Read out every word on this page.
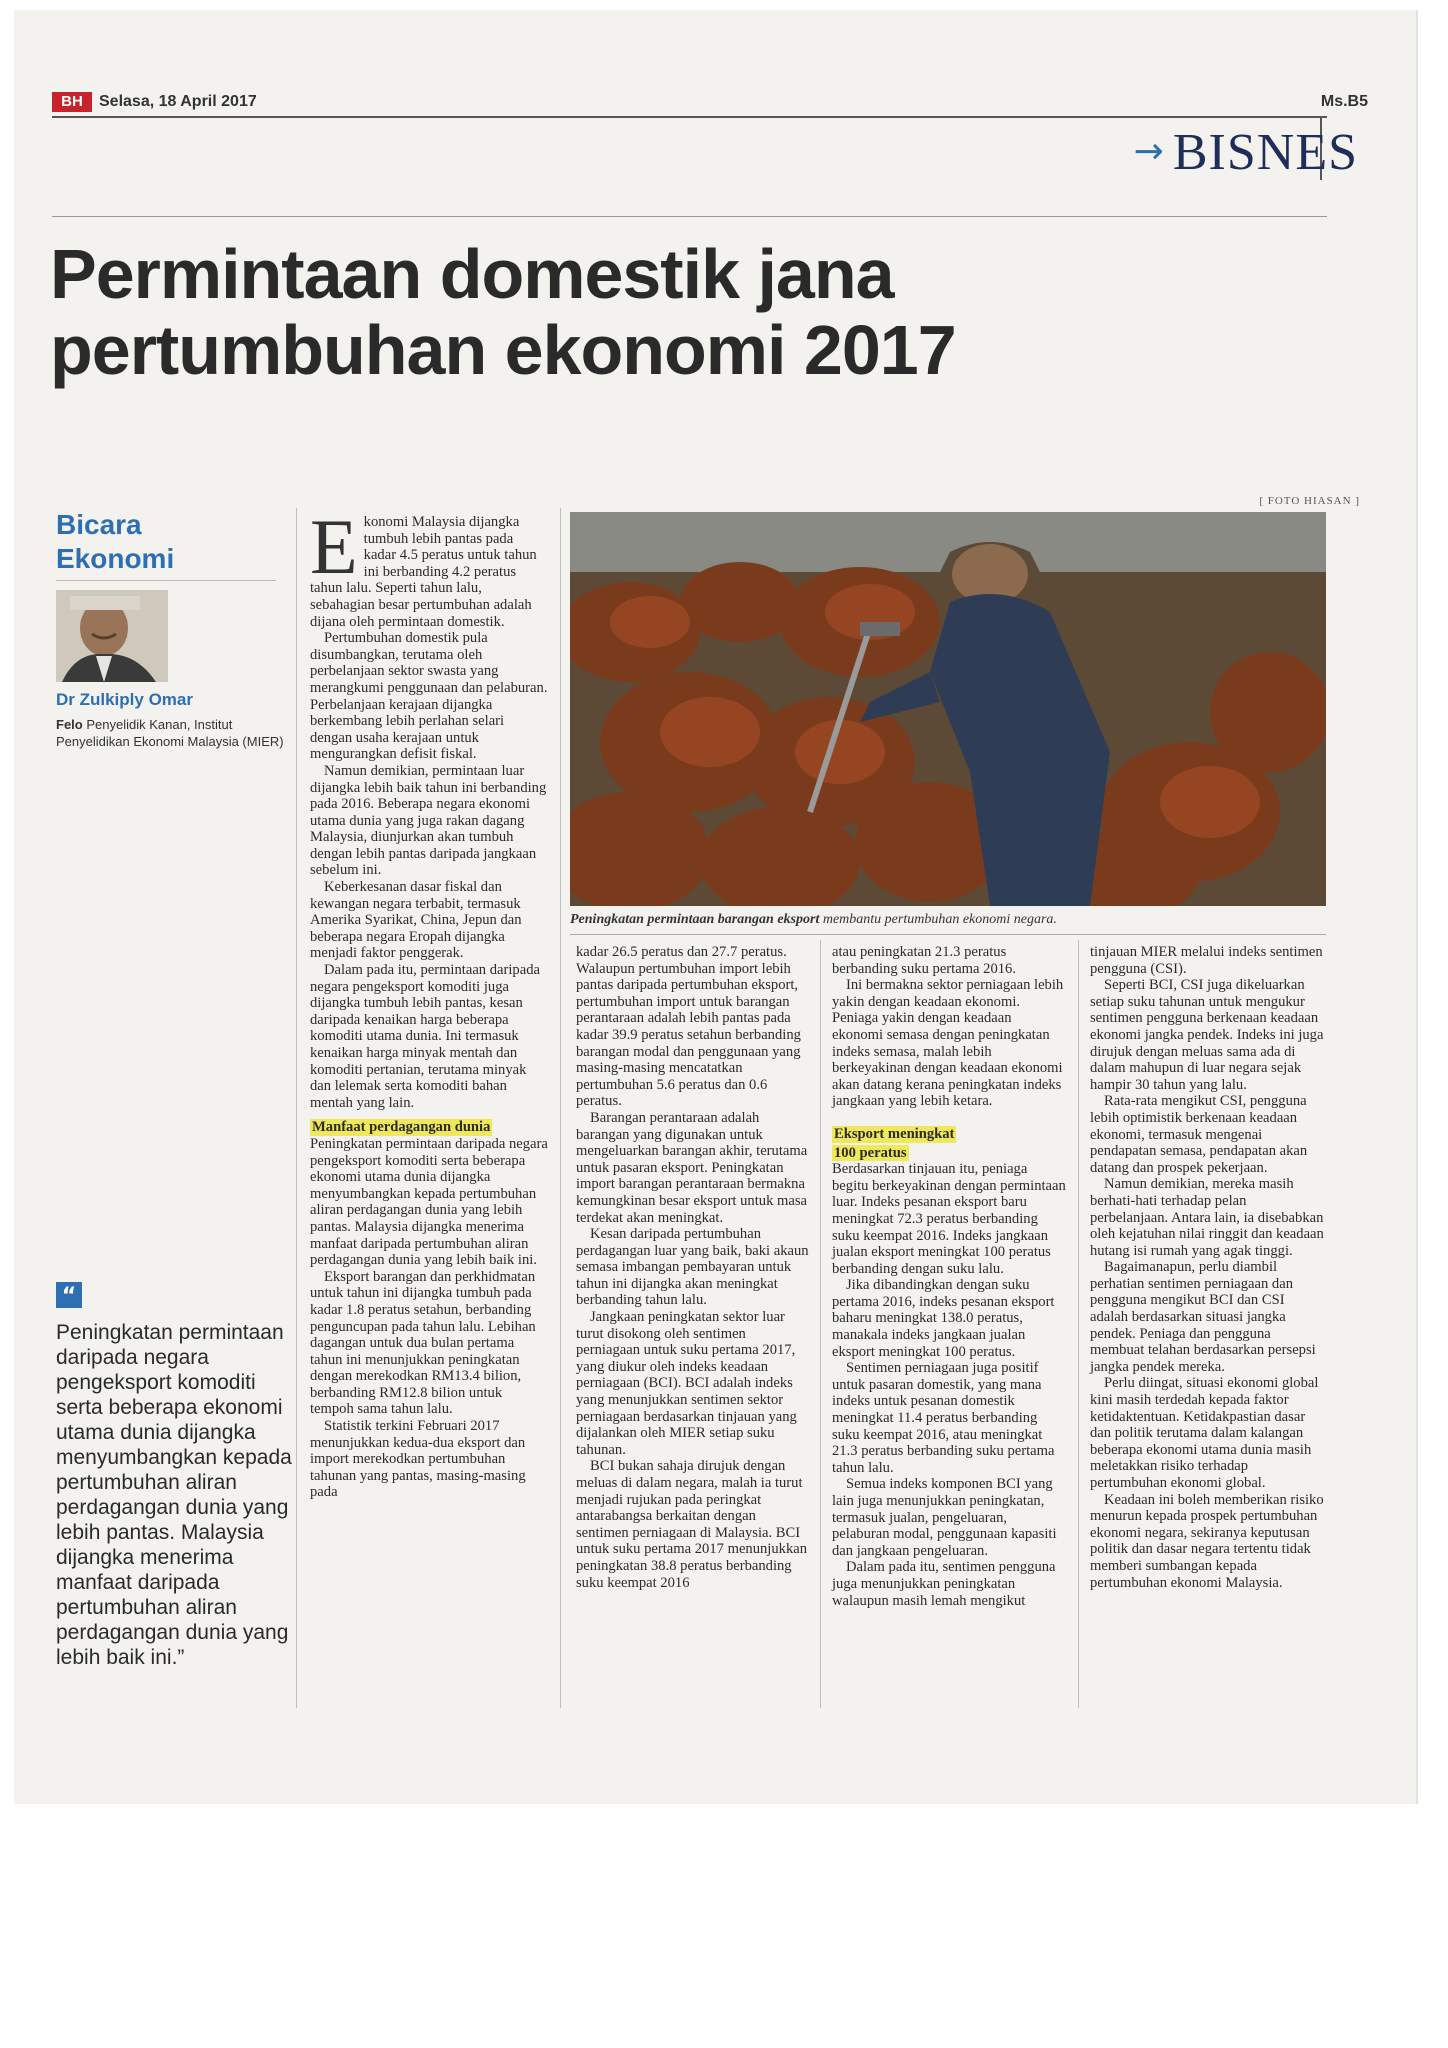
BH	Selasa, 18 April 2017	Ms.B5
→ BISNES
Permintaan domestik jana
pertumbuhan ekonomi 2017
Bicara
Ekonomi
Dr Zulkiply Omar
Felo Penyelidik Kanan, Institut Penyelidikan Ekonomi Malaysia (MIER)
“
Peningkatan permintaan daripada negara pengeksport komoditi serta beberapa ekonomi utama dunia dijangka menyumbangkan kepada pertumbuhan aliran perdagangan dunia yang lebih pantas. Malaysia dijangka menerima manfaat daripada pertumbuhan aliran perdagangan dunia yang lebih baik ini.”
[ FOTO HIASAN ]
Peningkatan permintaan barangan eksport membantu pertumbuhan ekonomi negara.

Ekonomi Malaysia dijangka tumbuh lebih pantas pada kadar 4.5 peratus untuk tahun ini berbanding 4.2 peratus tahun lalu. Seperti tahun lalu, sebahagian besar pertumbuhan adalah dijana oleh permintaan domestik.

Pertumbuhan domestik pula disumbangkan, terutama oleh perbelanjaan sektor swasta yang merangkumi penggunaan dan pelaburan. Perbelanjaan kerajaan dijangka berkembang lebih perlahan selari dengan usaha kerajaan untuk mengurangkan defisit fiskal.

Namun demikian, permintaan luar dijangka lebih baik tahun ini berbanding pada 2016. Beberapa negara ekonomi utama dunia yang juga rakan dagang Malaysia, diunjurkan akan tumbuh dengan lebih pantas daripada jangkaan sebelum ini.

Keberkesanan dasar fiskal dan kewangan negara terbabit, termasuk Amerika Syarikat, China, Jepun dan beberapa negara Eropah dijangka menjadi faktor penggerak.

Dalam pada itu, permintaan daripada negara pengeksport komoditi juga dijangka tumbuh lebih pantas, kesan daripada kenaikan harga beberapa komoditi utama dunia. Ini termasuk kenaikan harga minyak mentah dan komoditi pertanian, terutama minyak dan lelemak serta komoditi bahan mentah yang lain.

Manfaat perdagangan dunia

Peningkatan permintaan daripada negara pengeksport komoditi serta beberapa ekonomi utama dunia dijangka menyumbangkan kepada pertumbuhan aliran perdagangan dunia yang lebih pantas. Malaysia dijangka menerima manfaat daripada pertumbuhan aliran perdagangan dunia yang lebih baik ini.

Eksport barangan dan perkhidmatan untuk tahun ini dijangka tumbuh pada kadar 1.8 peratus setahun, berbanding penguncupan pada tahun lalu. Lebihan dagangan untuk dua bulan pertama tahun ini menunjukkan peningkatan dengan merekodkan RM13.4 bilion, berbanding RM12.8 bilion untuk tempoh sama tahun lalu.

Statistik terkini Februari 2017 menunjukkan kedua-dua eksport dan import merekodkan pertumbuhan tahunan yang pantas, masing-masing pada

kadar 26.5 peratus dan 27.7 peratus. Walaupun pertumbuhan import lebih pantas daripada pertumbuhan eksport, pertumbuhan import untuk barangan perantaraan adalah lebih pantas pada kadar 39.9 peratus setahun berbanding barangan modal dan penggunaan yang masing-masing mencatatkan pertumbuhan 5.6 peratus dan 0.6 peratus.

Barangan perantaraan adalah barangan yang digunakan untuk mengeluarkan barangan akhir, terutama untuk pasaran eksport. Peningkatan import barangan perantaraan bermakna kemungkinan besar eksport untuk masa terdekat akan meningkat.

Kesan daripada pertumbuhan perdagangan luar yang baik, baki akaun semasa imbangan pembayaran untuk tahun ini dijangka akan meningkat berbanding tahun lalu.

Jangkaan peningkatan sektor luar turut disokong oleh sentimen perniagaan untuk suku pertama 2017, yang diukur oleh indeks keadaan perniagaan (BCI). BCI adalah indeks yang menunjukkan sentimen sektor perniagaan berdasarkan tinjauan yang dijalankan oleh MIER setiap suku tahunan.

BCI bukan sahaja dirujuk dengan meluas di dalam negara, malah ia turut menjadi rujukan pada peringkat antarabangsa berkaitan dengan sentimen perniagaan di Malaysia. BCI untuk suku pertama 2017 menunjukkan peningkatan 38.8 peratus berbanding suku keempat 2016

atau peningkatan 21.3 peratus berbanding suku pertama 2016.

Ini bermakna sektor perniagaan lebih yakin dengan keadaan ekonomi. Peniaga yakin dengan keadaan ekonomi semasa dengan peningkatan indeks semasa, malah lebih berkeyakinan dengan keadaan ekonomi akan datang kerana peningkatan indeks jangkaan yang lebih ketara.

Eksport meningkat
100 peratus

Berdasarkan tinjauan itu, peniaga begitu berkeyakinan dengan permintaan luar. Indeks pesanan eksport baru meningkat 72.3 peratus berbanding suku keempat 2016. Indeks jangkaan jualan eksport meningkat 100 peratus berbanding dengan suku lalu.

Jika dibandingkan dengan suku pertama 2016, indeks pesanan eksport baharu meningkat 138.0 peratus, manakala indeks jangkaan jualan eksport meningkat 100 peratus.

Sentimen perniagaan juga positif untuk pasaran domestik, yang mana indeks untuk pesanan domestik meningkat 11.4 peratus berbanding suku keempat 2016, atau meningkat 21.3 peratus berbanding suku pertama tahun lalu.

Semua indeks komponen BCI yang lain juga menunjukkan peningkatan, termasuk jualan, pengeluaran, pelaburan modal, penggunaan kapasiti dan jangkaan pengeluaran.

Dalam pada itu, sentimen pengguna juga menunjukkan peningkatan walaupun masih lemah mengikut

tinjauan MIER melalui indeks sentimen pengguna (CSI).

Seperti BCI, CSI juga dikeluarkan setiap suku tahunan untuk mengukur sentimen pengguna berkenaan keadaan ekonomi jangka pendek. Indeks ini juga dirujuk dengan meluas sama ada di dalam mahupun di luar negara sejak hampir 30 tahun yang lalu.

Rata-rata mengikut CSI, pengguna lebih optimistik berkenaan keadaan ekonomi, termasuk mengenai pendapatan semasa, pendapatan akan datang dan prospek pekerjaan.

Namun demikian, mereka masih berhati-hati terhadap pelan perbelanjaan. Antara lain, ia disebabkan oleh kejatuhan nilai ringgit dan keadaan hutang isi rumah yang agak tinggi.

Bagaimanapun, perlu diambil perhatian sentimen perniagaan dan pengguna mengikut BCI dan CSI adalah berdasarkan situasi jangka pendek. Peniaga dan pengguna membuat telahan berdasarkan persepsi jangka pendek mereka.

Perlu diingat, situasi ekonomi global kini masih terdedah kepada faktor ketidaktentuan. Ketidakpastian dasar dan politik terutama dalam kalangan beberapa ekonomi utama dunia masih meletakkan risiko terhadap pertumbuhan ekonomi global.

Keadaan ini boleh memberikan risiko menurun kepada prospek pertumbuhan ekonomi negara, sekiranya keputusan politik dan dasar negara tertentu tidak memberi sumbangan kepada pertumbuhan ekonomi Malaysia.
